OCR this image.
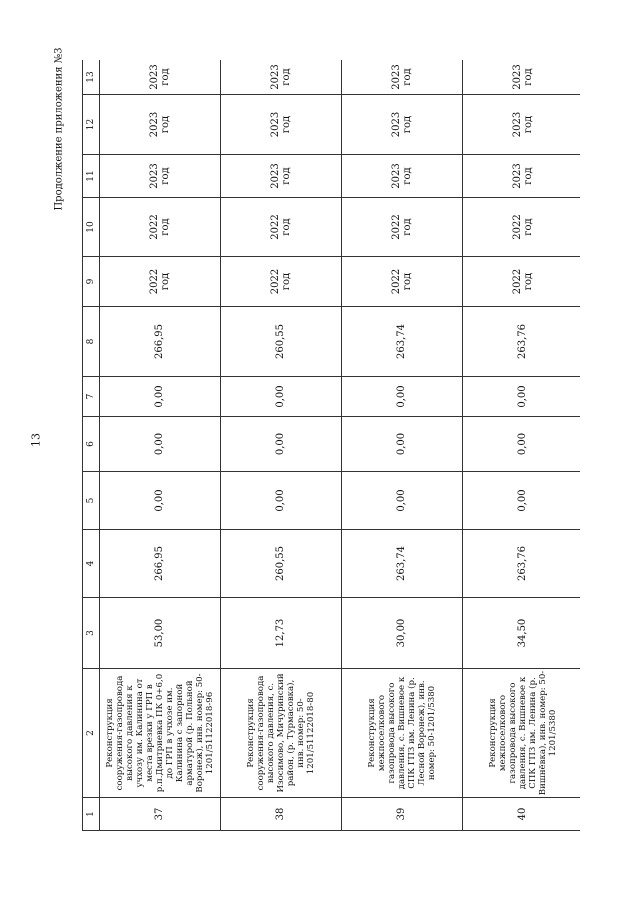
13
Продолжение приложения №3
1	2	3	4	5	6	7	8	9	10	11	12	13
37	Реконструкция сооружения-газопровода высокого давления к учхозу им. Калинина от места врезки у ГРП в р.п.Дмитриевка ПК 0+6,0 до ГРП в учхозе им. Калинина с запорной арматурой (р. Польной Воронеж), инв. номер: 50-1201/51122018-96	53,00	266,95	0,00	0,00	0,00	266,95	2022 год	2022 год	2023 год	2023 год	2023 год

38	Реконструкция сооружения-газопровода высокого давления, с. Изосимово, Мичуринский район, (р. Турмасовка), инв. номер: 50-1201/51122018-80	12,73	260,55	0,00	0,00	0,00	260,55	2022 год	2022 год	2023 год	2023 год	2023 год

39	Реконструкция межпоселкового газопровода высокого давления, с. Вишневое к СПК ГПЗ им. Ленина (р. Лесной Воронеж), инв. номер: 50-1201/5380	30,00	263,74	0,00	0,00	0,00	263,74	2022 год	2022 год	2023 год	2023 год	2023 год

40	Реконструкция межпоселкового газопровода высокого давления, с. Вишневое к СПК ГПЗ им. Ленина (р. Вишнёвка), инв. номер: 50-1201/5380	34,50	263,76	0,00	0,00	0,00	263,76	2022 год	2022 год	2023 год	2023 год	2023 год
